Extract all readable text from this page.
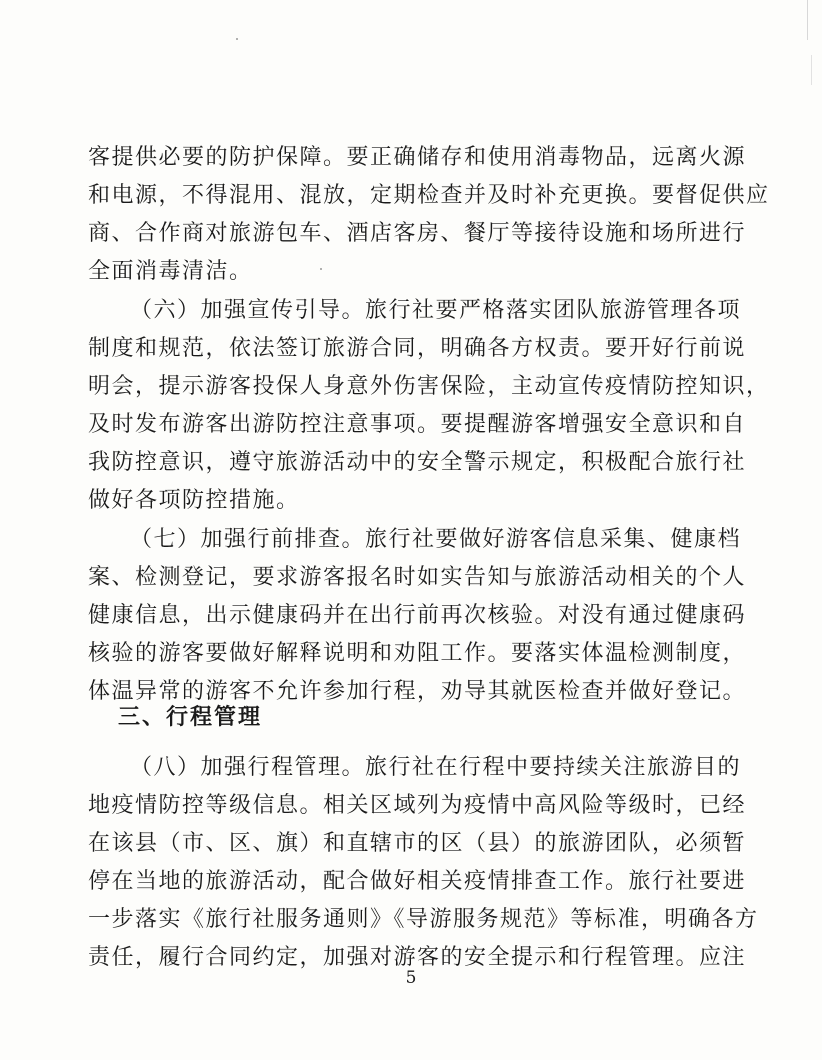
客提供必要的防护保障。要正确储存和使用消毒物品，远离火源
和电源，不得混用、混放，定期检查并及时补充更换。要督促供应
商、合作商对旅游包车、酒店客房、餐厅等接待设施和场所进行
全面消毒清洁。
（六）加强宣传引导。旅行社要严格落实团队旅游管理各项
制度和规范，依法签订旅游合同，明确各方权责。要开好行前说
明会，提示游客投保人身意外伤害保险，主动宣传疫情防控知识，
及时发布游客出游防控注意事项。要提醒游客增强安全意识和自
我防控意识，遵守旅游活动中的安全警示规定，积极配合旅行社
做好各项防控措施。
（七）加强行前排查。旅行社要做好游客信息采集、健康档
案、检测登记，要求游客报名时如实告知与旅游活动相关的个人
健康信息，出示健康码并在出行前再次核验。对没有通过健康码
核验的游客要做好解释说明和劝阻工作。要落实体温检测制度，
体温异常的游客不允许参加行程，劝导其就医检查并做好登记。
三、行程管理
（八）加强行程管理。旅行社在行程中要持续关注旅游目的
地疫情防控等级信息。相关区域列为疫情中高风险等级时，已经
在该县（市、区、旗）和直辖市的区（县）的旅游团队，必须暂
停在当地的旅游活动，配合做好相关疫情排查工作。旅行社要进
一步落实《旅行社服务通则》《导游服务规范》等标准，明确各方
责任，履行合同约定，加强对游客的安全提示和行程管理。应注
5
